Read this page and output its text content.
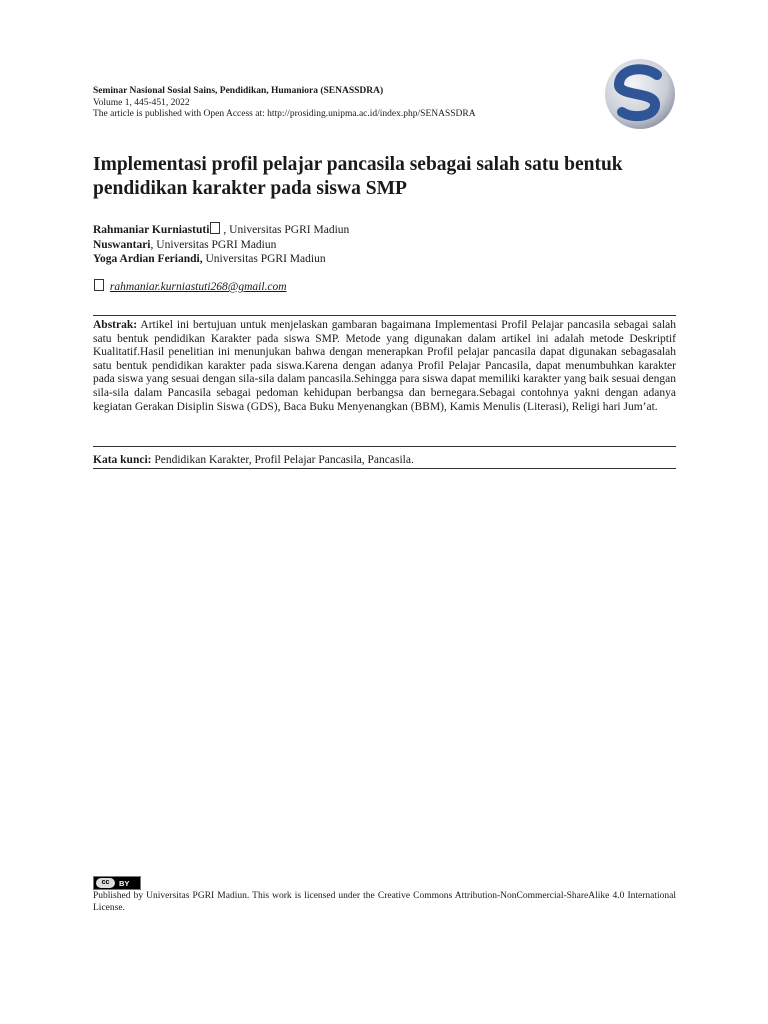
Seminar Nasional Sosial Sains, Pendidikan, Humaniora (SENASSDRA)
Volume 1, 445-451, 2022
The article is published with Open Access at: http://prosiding.unipma.ac.id/index.php/SENASSDRA
Implementasi profil pelajar pancasila sebagai salah satu bentuk pendidikan karakter pada siswa SMP
Rahmaniar Kurniastuti , Universitas PGRI Madiun
Nuswantari, Universitas PGRI Madiun
Yoga Ardian Feriandi, Universitas PGRI Madiun
rahmaniar.kurniastuti268@gmail.com

Abstrak: Artikel ini bertujuan untuk menjelaskan gambaran bagaimana Implementasi Profil Pelajar pancasila sebagai salah satu bentuk pendidikan Karakter pada siswa SMP. Metode yang digunakan dalam artikel ini adalah metode Deskriptif Kualitatif.Hasil penelitian ini menunjukan bahwa dengan menerapkan Profil pelajar pancasila dapat digunakan sebagasalah satu bentuk pendidikan karakter pada siswa.Karena dengan adanya Profil Pelajar Pancasila, dapat menumbuhkan karakter pada siswa yang sesuai dengan sila-sila dalam pancasila.Sehingga para siswa dapat memiliki karakter yang baik sesuai dengan sila-sila dalam Pancasila sebagai pedoman kehidupan berbangsa dan bernegara.Sebagai contohnya yakni dengan adanya kegiatan Gerakan Disiplin Siswa (GDS), Baca Buku Menyenangkan (BBM), Kamis Menulis (Literasi), Religi hari Jum’at.

Kata kunci: Pendidikan Karakter, Profil Pelajar Pancasila, Pancasila.
cc	BY
Published by Universitas PGRI Madiun. This work is licensed under the Creative Commons Attribution-NonCommercial-ShareAlike 4.0 International License.
